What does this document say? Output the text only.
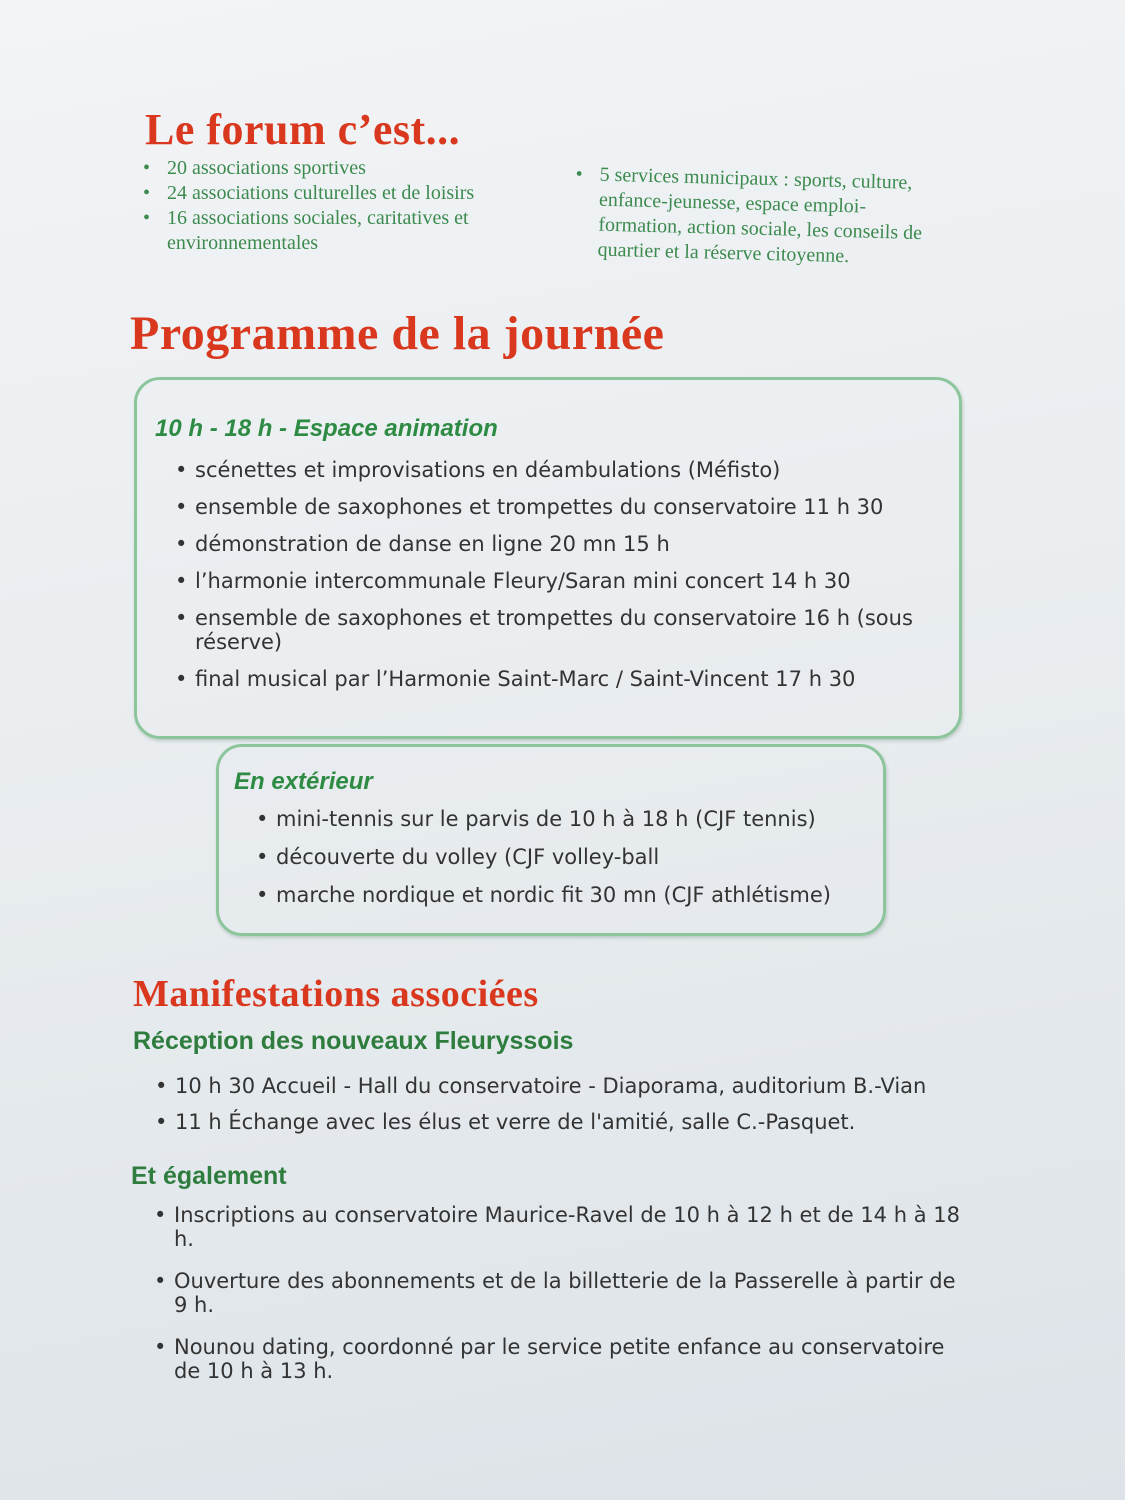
Le forum c’est...
• 20 associations sportives
• 24 associations culturelles et de loisirs
• 16 associations sociales, caritatives et environnementales
• 5 services municipaux : sports, culture, enfance-jeunesse, espace emploi-formation, action sociale, les conseils de quartier et la réserve citoyenne.
Programme de la journée
10 h - 18 h - Espace animation
• scénettes et improvisations en déambulations (Méfisto)
• ensemble de saxophones et trompettes du conservatoire 11 h 30
• démonstration de danse en ligne 20 mn 15 h
• l’harmonie intercommunale Fleury/Saran mini concert 14 h 30
• ensemble de saxophones et trompettes du conservatoire 16 h (sous réserve)
• final musical par l’Harmonie Saint-Marc / Saint-Vincent 17 h 30
En extérieur
• mini-tennis sur le parvis de 10 h à 18 h (CJF tennis)
• découverte du volley (CJF volley-ball
• marche nordique et nordic fit 30 mn (CJF athlétisme)
Manifestations associées
Réception des nouveaux Fleuryssois
• 10 h 30 Accueil - Hall du conservatoire - Diaporama, auditorium B.-Vian
• 11 h Échange avec les élus et verre de l'amitié, salle C.-Pasquet.
Et également
• Inscriptions au conservatoire Maurice-Ravel de 10 h à 12 h et de 14 h à 18 h.
• Ouverture des abonnements et de la billetterie de la Passerelle à partir de 9 h.
• Nounou dating, coordonné par le service petite enfance au conservatoire de 10 h à 13 h.
